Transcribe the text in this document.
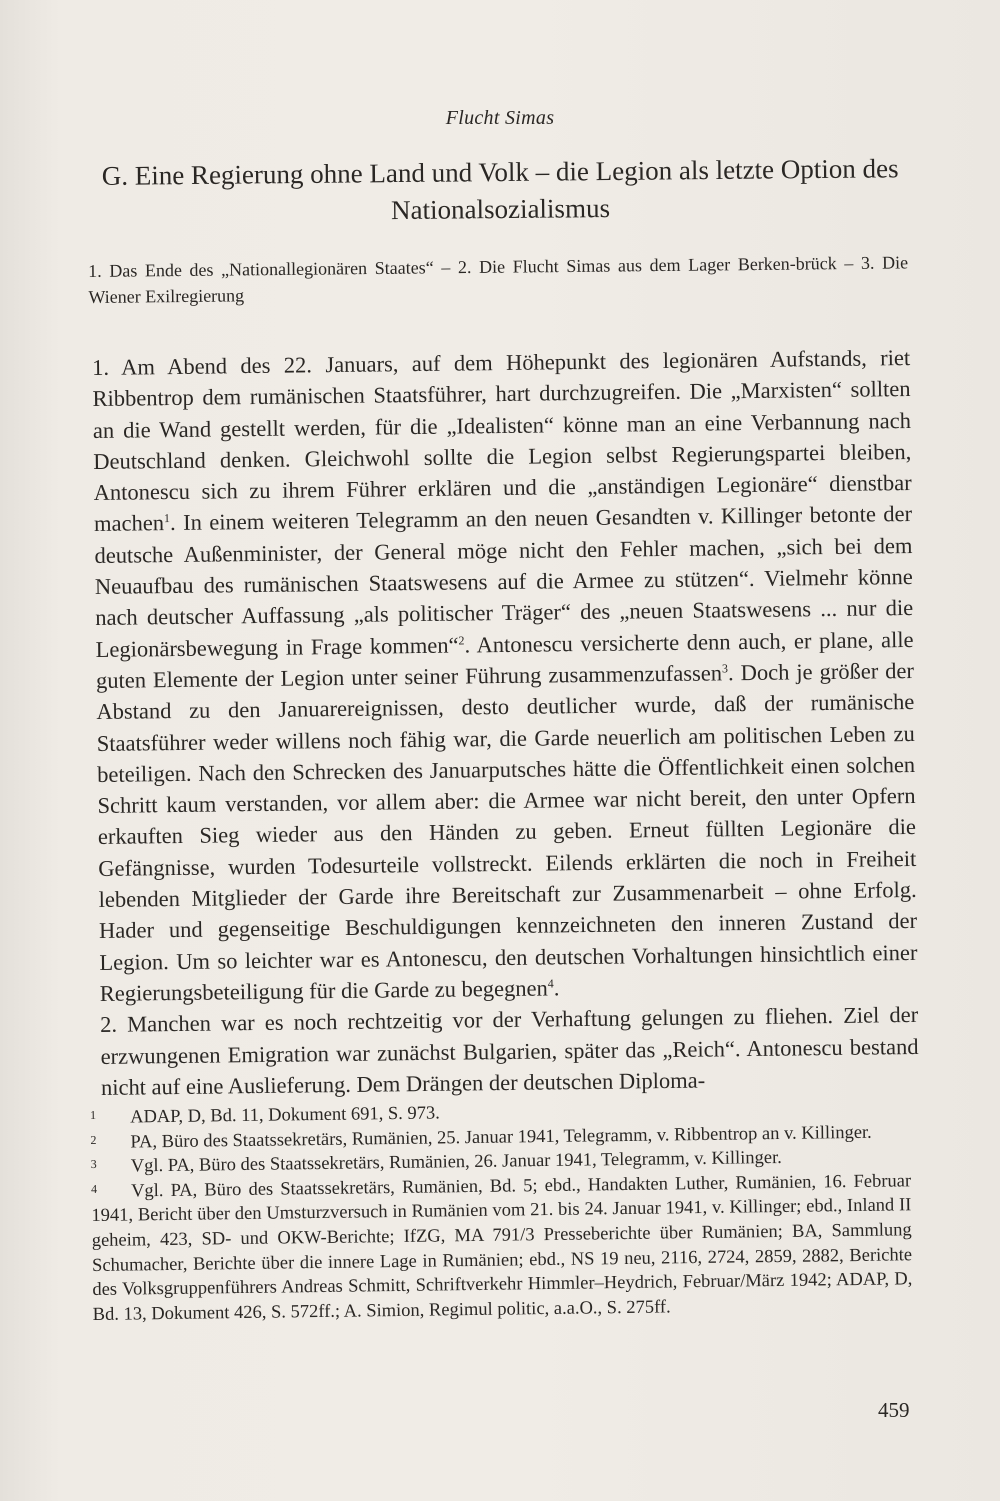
Flucht Simas
G. Eine Regierung ohne Land und Volk – die Legion als letzte Option des Nationalsozialismus
1. Das Ende des „Nationallegionären Staates“ – 2. Die Flucht Simas aus dem Lager Berken-brück – 3. Die Wiener Exilregierung

1. Am Abend des 22. Januars, auf dem Höhepunkt des legionären Aufstands, riet Ribbentrop dem rumänischen Staatsführer, hart durchzugreifen. Die „Marxisten“ sollten an die Wand gestellt werden, für die „Idealisten“ könne man an eine Verbannung nach Deutschland denken. Gleichwohl sollte die Legion selbst Regierungspartei bleiben, Antonescu sich zu ihrem Führer erklären und die „anständigen Legionäre“ dienstbar machen$^1$. In einem weiteren Telegramm an den neuen Gesandten v. Killinger betonte der deutsche Außenminister, der General möge nicht den Fehler machen, „sich bei dem Neuaufbau des rumänischen Staatswesens auf die Armee zu stützen“. Vielmehr könne nach deutscher Auffassung „als politischer Träger“ des „neuen Staatswesens ... nur die Legionärsbewegung in Frage kommen“$^2$. Antonescu versicherte denn auch, er plane, alle guten Elemente der Legion unter seiner Führung zusammenzufassen$^3$. Doch je größer der Abstand zu den Januarereignissen, desto deutlicher wurde, daß der rumänische Staatsführer weder willens noch fähig war, die Garde neuerlich am politischen Leben zu beteiligen. Nach den Schrecken des Januarputsches hätte die Öffentlichkeit einen solchen Schritt kaum verstanden, vor allem aber: die Armee war nicht bereit, den unter Opfern erkauften Sieg wieder aus den Händen zu geben. Erneut füllten Legionäre die Gefängnisse, wurden Todesurteile vollstreckt. Eilends erklärten die noch in Freiheit lebenden Mitglieder der Garde ihre Bereitschaft zur Zusammenarbeit – ohne Erfolg. Hader und gegenseitige Beschuldigungen kennzeichneten den inneren Zustand der Legion. Um so leichter war es Antonescu, den deutschen Vorhaltungen hinsichtlich einer Regierungsbeteiligung für die Garde zu begegnen$^4$.

2. Manchen war es noch rechtzeitig vor der Verhaftung gelungen zu fliehen. Ziel der erzwungenen Emigration war zunächst Bulgarien, später das „Reich“. Antonescu bestand nicht auf eine Auslieferung. Dem Drängen der deutschen Diploma-

1	ADAP, D, Bd. 11, Dokument 691, S. 973.
2	PA, Büro des Staatssekretärs, Rumänien, 25. Januar 1941, Telegramm, v. Ribbentrop an v. Killinger.
3	Vgl. PA, Büro des Staatssekretärs, Rumänien, 26. Januar 1941, Telegramm, v. Killinger.
4	Vgl. PA, Büro des Staatssekretärs, Rumänien, Bd. 5; ebd., Handakten Luther, Rumänien, 16. Februar 1941, Bericht über den Umsturzversuch in Rumänien vom 21. bis 24. Januar 1941, v. Killinger; ebd., Inland II geheim, 423, SD- und OKW-Berichte; IfZG, MA 791/3 Presseberichte über Rumänien; BA, Sammlung Schumacher, Berichte über die innere Lage in Rumänien; ebd., NS 19 neu, 2116, 2724, 2859, 2882, Berichte des Volksgruppenführers Andreas Schmitt, Schriftverkehr Himmler–Heydrich, Februar/März 1942; ADAP, D, Bd. 13, Dokument 426, S. 572ff.; A. Simion, Regimul politic, a.a.O., S. 275ff.
459
